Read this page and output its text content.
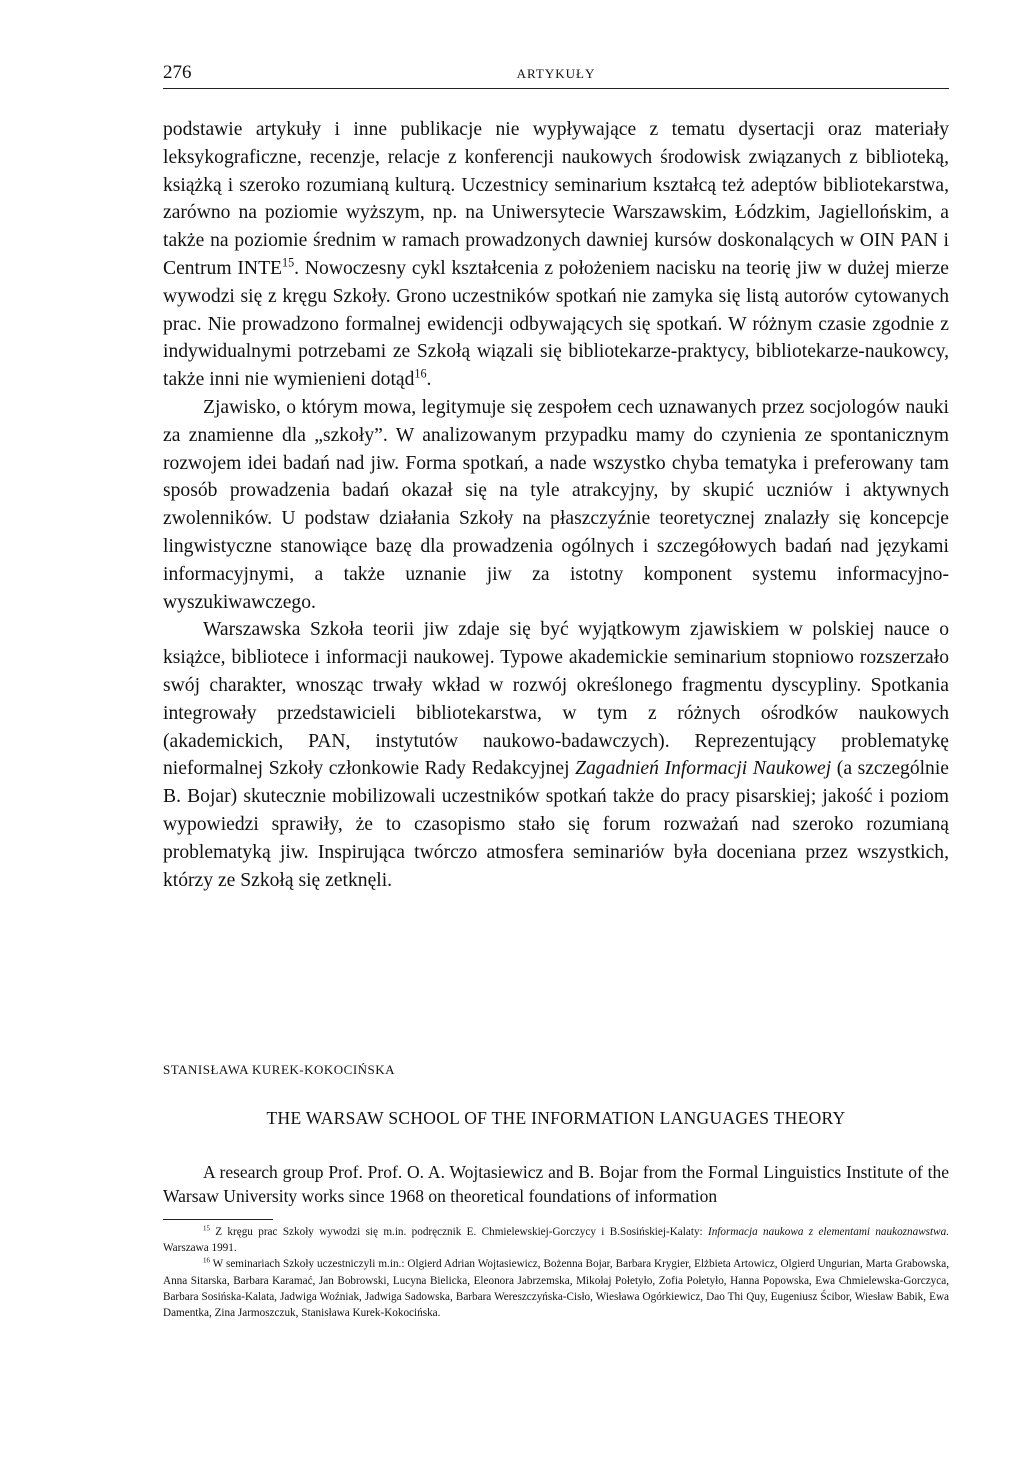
276	ARTYKUŁY

podstawie artykuły i inne publikacje nie wypływające z tematu dysertacji oraz materiały leksykograficzne, recenzje, relacje z konferencji naukowych środowisk związanych z biblioteką, książką i szeroko rozumianą kulturą. Uczestnicy seminarium kształcą też adeptów bibliotekarstwa, zarówno na poziomie wyższym, np. na Uniwersytecie Warszawskim, Łódzkim, Jagiellońskim, a także na poziomie średnim w ramach prowadzonych dawniej kursów doskonalących w OIN PAN i Centrum INTE$^{15}$. Nowoczesny cykl kształcenia z położeniem nacisku na teorię jiw w dużej mierze wywodzi się z kręgu Szkoły. Grono uczestników spotkań nie zamyka się listą autorów cytowanych prac. Nie prowadzono formalnej ewidencji odbywających się spotkań. W różnym czasie zgodnie z indywidualnymi potrzebami ze Szkołą wiązali się bibliotekarze-praktycy, bibliotekarze-naukowcy, także inni nie wymienieni dotąd$^{16}$.

Zjawisko, o którym mowa, legitymuje się zespołem cech uznawanych przez socjologów nauki za znamienne dla „szkoły”. W analizowanym przypadku mamy do czynienia ze spontanicznym rozwojem idei badań nad jiw. Forma spotkań, a nade wszystko chyba tematyka i preferowany tam sposób prowadzenia badań okazał się na tyle atrakcyjny, by skupić uczniów i aktywnych zwolenników. U podstaw działania Szkoły na płaszczyźnie teoretycznej znalazły się koncepcje lingwistyczne stanowiące bazę dla prowadzenia ogólnych i szczegółowych badań nad językami informacyjnymi, a także uznanie jiw za istotny komponent systemu informacyjno-wyszukiwawczego.

Warszawska Szkoła teorii jiw zdaje się być wyjątkowym zjawiskiem w polskiej nauce o książce, bibliotece i informacji naukowej. Typowe akademickie seminarium stopniowo rozszerzało swój charakter, wnosząc trwały wkład w rozwój określonego fragmentu dyscypliny. Spotkania integrowały przedstawicieli bibliotekarstwa, w tym z różnych ośrodków naukowych (akademickich, PAN, instytutów naukowo-badawczych). Reprezentujący problematykę nieformalnej Szkoły członkowie Rady Redakcyjnej Zagadnień Informacji Naukowej (a szczególnie B. Bojar) skutecznie mobilizowali uczestników spotkań także do pracy pisarskiej; jakość i poziom wypowiedzi sprawiły, że to czasopismo stało się forum rozważań nad szeroko rozumianą problematyką jiw. Inspirująca twórczo atmosfera seminariów była doceniana przez wszystkich, którzy ze Szkołą się zetknęli.

STANISŁAWA KUREK-KOKOCIŃSKA
THE WARSAW SCHOOL OF THE INFORMATION LANGUAGES THEORY

A research group Prof. Prof. O. A. Wojtasiewicz and B. Bojar from the Formal Linguistics Institute of the Warsaw University works since 1968 on theoretical foundations of information

$^{15}$ Z kręgu prac Szkoły wywodzi się m.in. podręcznik E. Chmielewskiej-Gorczycy i B.Sosińskiej-Kalaty: Informacja naukowa z elementami naukoznawstwa. Warszawa 1991.

$^{16}$ W seminariach Szkoły uczestniczyli m.in.: Olgierd Adrian Wojtasiewicz, Bożenna Bojar, Barbara Krygier, Elżbieta Artowicz, Olgierd Ungurian, Marta Grabowska, Anna Sitarska, Barbara Karamać, Jan Bobrowski, Lucyna Bielicka, Eleonora Jabrzemska, Mikołaj Połetyło, Zofia Połetyło, Hanna Popowska, Ewa Chmielewska-Gorczyca, Barbara Sosińska-Kalata, Jadwiga Woźniak, Jadwiga Sadowska, Barbara Wereszczyńska-Cisło, Wiesława Ogórkiewicz, Dao Thi Quy, Eugeniusz Ścibor, Wiesław Babik, Ewa Damentka, Zina Jarmoszczuk, Stanisława Kurek-Kokocińska.
